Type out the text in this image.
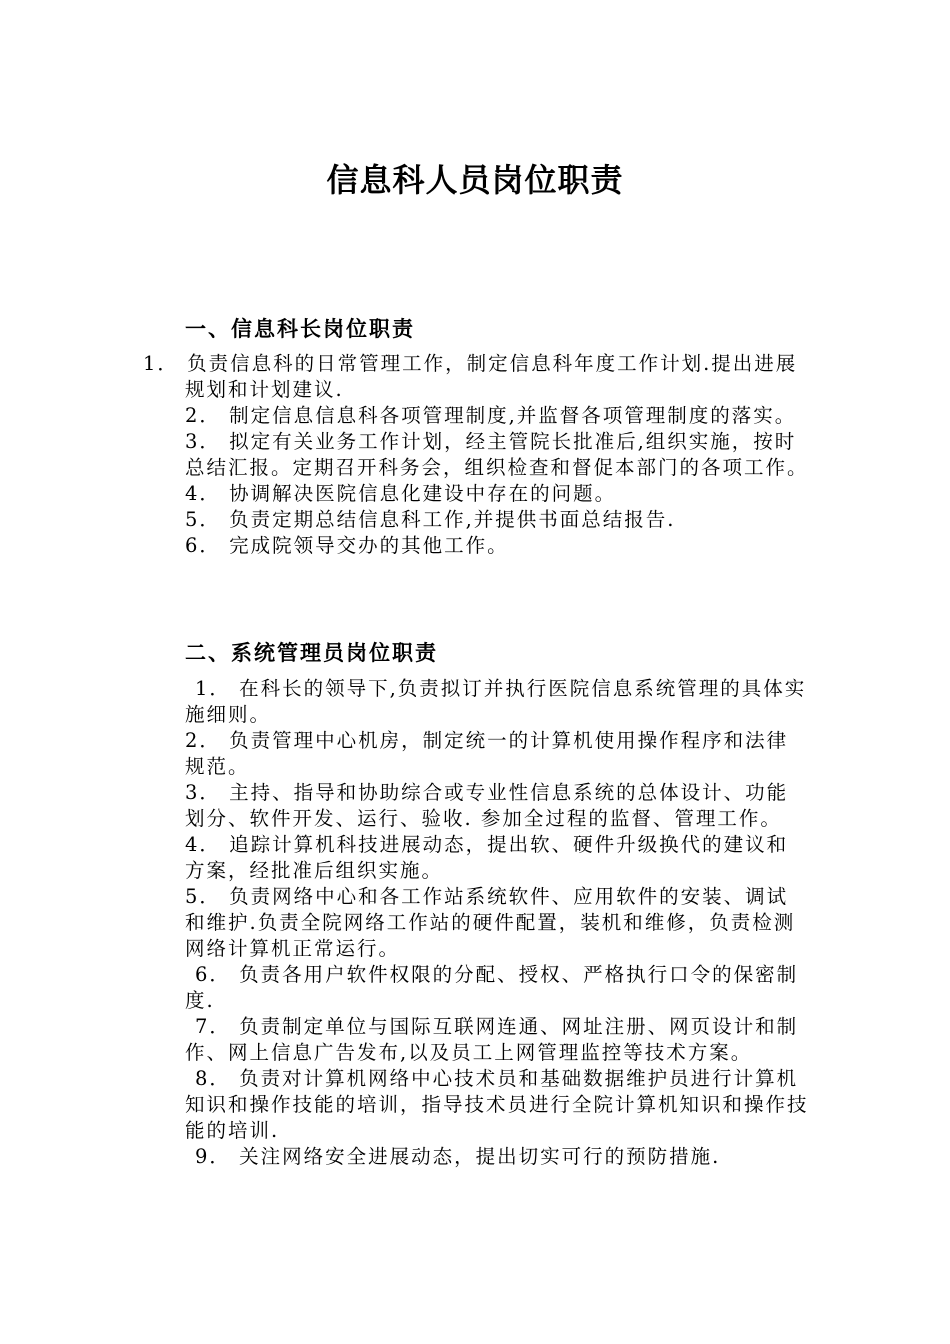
信息科人员岗位职责
一、信息科长岗位职责

1． 负责信息科的日常管理工作，制定信息科年度工作计划.提出进展规划和计划建议.

2． 制定信息信息科各项管理制度,并监督各项管理制度的落实。

3． 拟定有关业务工作计划，经主管院长批准后,组织实施，按时总结汇报。定期召开科务会，组织检查和督促本部门的各项工作。

4． 协调解决医院信息化建设中存在的问题。

5． 负责定期总结信息科工作,并提供书面总结报告.

6． 完成院领导交办的其他工作。

二、系统管理员岗位职责

1． 在科长的领导下,负责拟订并执行医院信息系统管理的具体实施细则。

2． 负责管理中心机房，制定统一的计算机使用操作程序和法律规范。

3． 主持、指导和协助综合或专业性信息系统的总体设计、功能划分、软件开发、运行、验收. 参加全过程的监督、管理工作。

4． 追踪计算机科技进展动态，提出软、硬件升级换代的建议和方案，经批准后组织实施。

5． 负责网络中心和各工作站系统软件、应用软件的安装、调试和维护.负责全院网络工作站的硬件配置，装机和维修，负责检测网络计算机正常运行。

6． 负责各用户软件权限的分配、授权、严格执行口令的保密制度.

7． 负责制定单位与国际互联网连通、网址注册、网页设计和制作、网上信息广告发布,以及员工上网管理监控等技术方案。

8． 负责对计算机网络中心技术员和基础数据维护员进行计算机知识和操作技能的培训，指导技术员进行全院计算机知识和操作技能的培训.

9． 关注网络安全进展动态，提出切实可行的预防措施.
